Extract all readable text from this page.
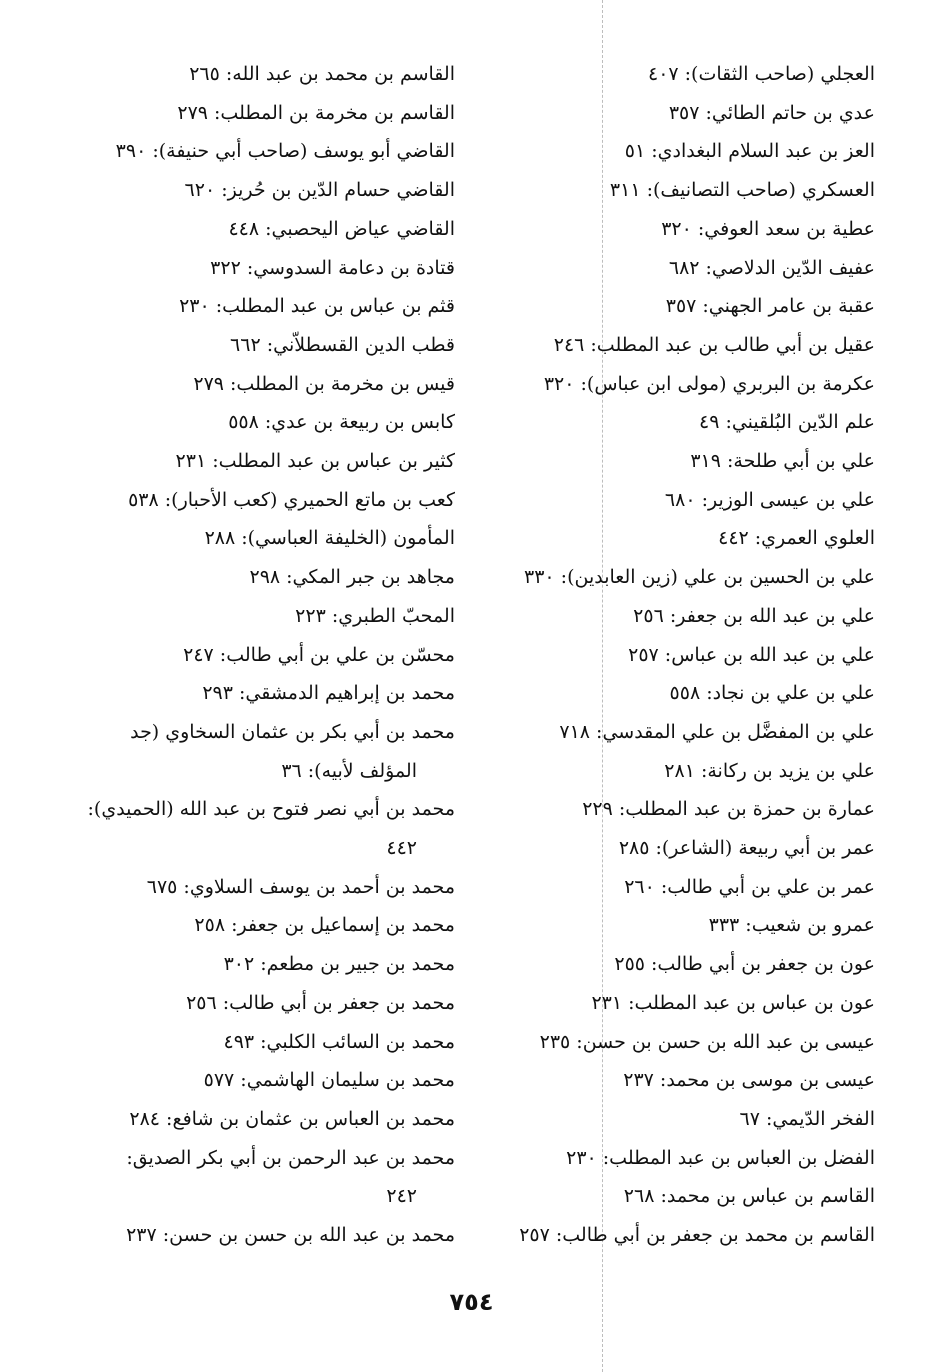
العجلي (صاحب الثقات): ٤٠٧
عدي بن حاتم الطائي: ٣٥٧
العز بن عبد السلام البغدادي: ٥١
العسكري (صاحب التصانيف): ٣١١
عطية بن سعد العوفي: ٣٢٠
عفيف الدّين الدلاصي: ٦٨٢
عقبة بن عامر الجهني: ٣٥٧
عقيل بن أبي طالب بن عبد المطلب: ٢٤٦
عكرمة بن البربري (مولى ابن عباس): ٣٢٠
علم الدّين البُلقيني: ٤٩
علي بن أبي طلحة: ٣١٩
علي بن عيسى الوزير: ٦٨٠
العلوي العمري: ٤٤٢
علي بن الحسين بن علي (زين العابدين): ٣٣٠
علي بن عبد الله بن جعفر: ٢٥٦
علي بن عبد الله بن عباس: ٢٥٧
علي بن علي بن نجاد: ٥٥٨
علي بن المفضَّل بن علي المقدسي: ٧١٨
علي بن يزيد بن ركانة: ٢٨١
عمارة بن حمزة بن عبد المطلب: ٢٢٩
عمر بن أبي ربيعة (الشاعر): ٢٨٥
عمر بن علي بن أبي طالب: ٢٦٠
عمرو بن شعيب: ٣٣٣
عون بن جعفر بن أبي طالب: ٢٥٥
عون بن عباس بن عبد المطلب: ٢٣١
عيسى بن عبد الله بن حسن بن حسن: ٢٣٥
عيسى بن موسى بن محمد: ٢٣٧
الفخر الدّيمي: ٦٧
الفضل بن العباس بن عبد المطلب: ٢٣٠
القاسم بن عباس بن محمد: ٢٦٨
القاسم بن محمد بن جعفر بن أبي طالب: ٢٥٧
القاسم بن محمد بن عبد الله: ٢٦٥
القاسم بن مخرمة بن المطلب: ٢٧٩
القاضي أبو يوسف (صاحب أبي حنيفة): ٣٩٠
القاضي حسام الدّين بن حُريز: ٦٢٠
القاضي عياض اليحصبي: ٤٤٨
قتادة بن دعامة السدوسي: ٣٢٢
قثم بن عباس بن عبد المطلب: ٢٣٠
قطب الدين القسطلاّني: ٦٦٢
قيس بن مخرمة بن المطلب: ٢٧٩
كابس بن ربيعة بن عدي: ٥٥٨
كثير بن عباس بن عبد المطلب: ٢٣١
كعب بن ماتع الحميري (كعب الأحبار): ٥٣٨
المأمون (الخليفة العباسي): ٢٨٨
مجاهد بن جبر المكي: ٢٩٨
المحبّ الطبري: ٢٢٣
محسّن بن علي بن أبي طالب: ٢٤٧
محمد بن إبراهيم الدمشقي: ٢٩٣
محمد بن أبي بكر بن عثمان السخاوي (جد
المؤلف لأبيه): ٣٦
محمد بن أبي نصر فتوح بن عبد الله (الحميدي):
٤٤٢
محمد بن أحمد بن يوسف السلاوي: ٦٧٥
محمد بن إسماعيل بن جعفر: ٢٥٨
محمد بن جبير بن مطعم: ٣٠٢
محمد بن جعفر بن أبي طالب: ٢٥٦
محمد بن السائب الكلبي: ٤٩٣
محمد بن سليمان الهاشمي: ٥٧٧
محمد بن العباس بن عثمان بن شافع: ٢٨٤
محمد بن عبد الرحمن بن أبي بكر الصديق:
٢٤٢
محمد بن عبد الله بن حسن بن حسن: ٢٣٧
٧٥٤
